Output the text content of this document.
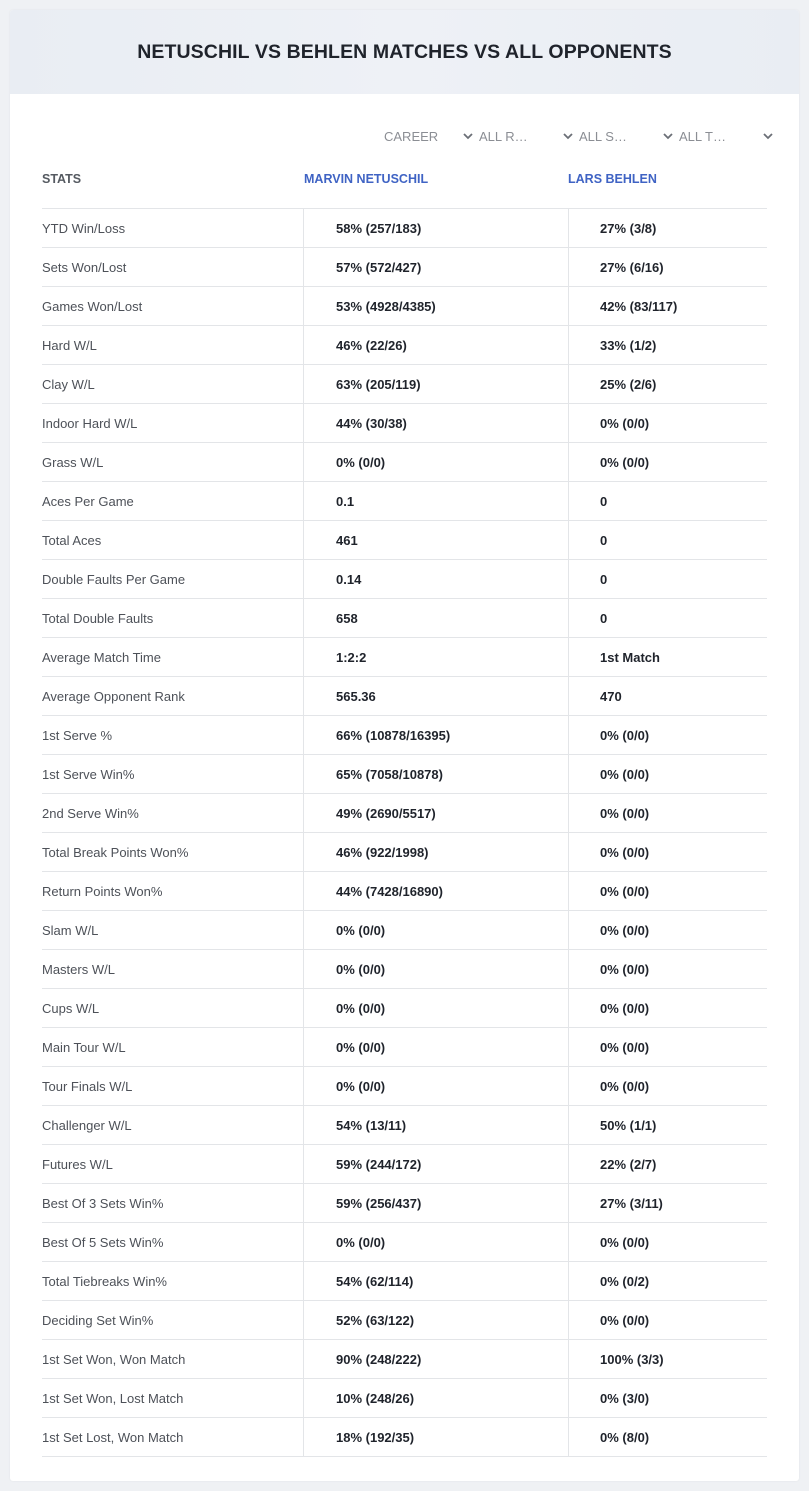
NETUSCHIL VS BEHLEN MATCHES VS ALL OPPONENTS
CAREER	ALL R…	ALL S…	ALL T…
STATS	MARVIN NETUSCHIL	LARS BEHLEN
YTD Win/Loss	58% (257/183)	27% (3/8)
Sets Won/Lost	57% (572/427)	27% (6/16)
Games Won/Lost	53% (4928/4385)	42% (83/117)
Hard W/L	46% (22/26)	33% (1/2)
Clay W/L	63% (205/119)	25% (2/6)
Indoor Hard W/L	44% (30/38)	0% (0/0)
Grass W/L	0% (0/0)	0% (0/0)
Aces Per Game	0.1	0
Total Aces	461	0
Double Faults Per Game	0.14	0
Total Double Faults	658	0
Average Match Time	1:2:2	1st Match
Average Opponent Rank	565.36	470
1st Serve %	66% (10878/16395)	0% (0/0)
1st Serve Win%	65% (7058/10878)	0% (0/0)
2nd Serve Win%	49% (2690/5517)	0% (0/0)
Total Break Points Won%	46% (922/1998)	0% (0/0)
Return Points Won%	44% (7428/16890)	0% (0/0)
Slam W/L	0% (0/0)	0% (0/0)
Masters W/L	0% (0/0)	0% (0/0)
Cups W/L	0% (0/0)	0% (0/0)
Main Tour W/L	0% (0/0)	0% (0/0)
Tour Finals W/L	0% (0/0)	0% (0/0)
Challenger W/L	54% (13/11)	50% (1/1)
Futures W/L	59% (244/172)	22% (2/7)
Best Of 3 Sets Win%	59% (256/437)	27% (3/11)
Best Of 5 Sets Win%	0% (0/0)	0% (0/0)
Total Tiebreaks Win%	54% (62/114)	0% (0/2)
Deciding Set Win%	52% (63/122)	0% (0/0)
1st Set Won, Won Match	90% (248/222)	100% (3/3)
1st Set Won, Lost Match	10% (248/26)	0% (3/0)
1st Set Lost, Won Match	18% (192/35)	0% (8/0)
